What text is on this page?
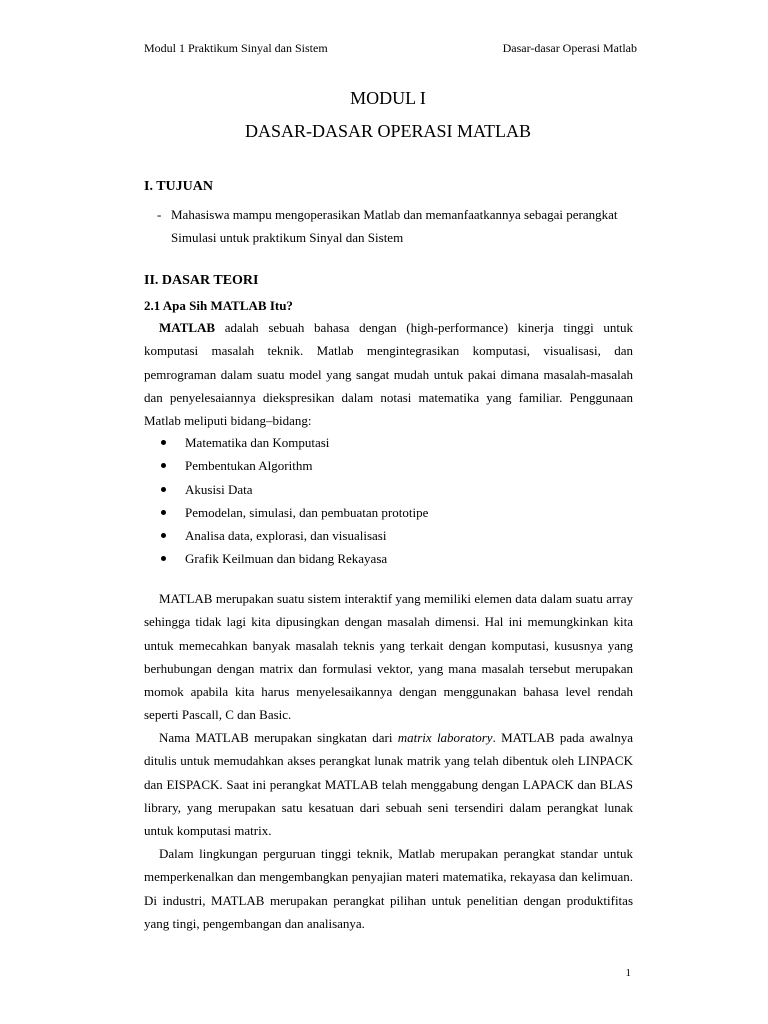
Modul 1 Praktikum Sinyal dan Sistem	Dasar-dasar Operasi Matlab
MODUL I
DASAR-DASAR OPERASI MATLAB
I. TUJUAN
- Mahasiswa mampu mengoperasikan Matlab dan memanfaatkannya sebagai perangkat
Simulasi untuk praktikum Sinyal dan Sistem
II. DASAR TEORI
2.1 Apa Sih MATLAB Itu?
MATLAB adalah sebuah bahasa dengan (high-performance) kinerja tinggi untuk komputasi masalah teknik. Matlab mengintegrasikan komputasi, visualisasi, dan pemrograman dalam suatu model yang sangat mudah untuk pakai dimana masalah-masalah dan penyelesaiannya diekspresikan dalam notasi matematika yang familiar. Penggunaan Matlab meliputi bidang–bidang:
Matematika dan Komputasi
Pembentukan Algorithm
Akusisi Data
Pemodelan, simulasi, dan pembuatan prototipe
Analisa data, explorasi, dan visualisasi
Grafik Keilmuan dan bidang Rekayasa
MATLAB merupakan suatu sistem interaktif yang memiliki elemen data dalam suatu array sehingga tidak lagi kita dipusingkan dengan masalah dimensi. Hal ini memungkinkan kita untuk memecahkan banyak masalah teknis yang terkait dengan komputasi, kususnya yang berhubungan dengan matrix dan formulasi vektor, yang mana masalah tersebut merupakan momok apabila kita harus menyelesaikannya dengan menggunakan bahasa level rendah seperti Pascall, C dan Basic.
Nama MATLAB merupakan singkatan dari matrix laboratory. MATLAB pada awalnya ditulis untuk memudahkan akses perangkat lunak matrik yang telah dibentuk oleh LINPACK dan EISPACK. Saat ini perangkat MATLAB telah menggabung dengan LAPACK dan BLAS library, yang merupakan satu kesatuan dari sebuah seni tersendiri dalam perangkat lunak untuk komputasi matrix.
Dalam lingkungan perguruan tinggi teknik, Matlab merupakan perangkat standar untuk memperkenalkan dan mengembangkan penyajian materi matematika, rekayasa dan kelimuan. Di industri, MATLAB merupakan perangkat pilihan untuk penelitian dengan produktifitas yang tingi, pengembangan dan analisanya.
1
